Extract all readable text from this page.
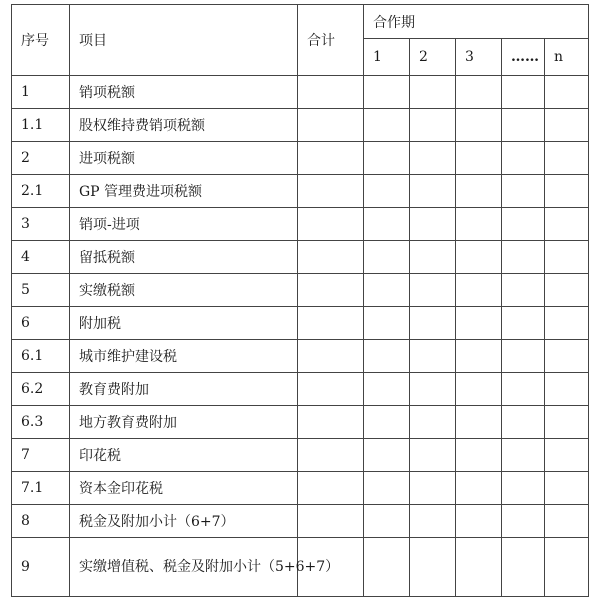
序号	项目	合计	合作期				
			1	2	3	……	n
1	销项税额						
1.1	股权维持费销项税额						
2	进项税额						
2.1	GP 管理费进项税额						
3	销项-进项						
4	留抵税额						
5	实缴税额						
6	附加税						
6.1	城市维护建设税						
6.2	教育费附加						
6.3	地方教育费附加						
7	印花税						
7.1	资本金印花税						
8	税金及附加小计（6+7）						
9	实缴增值税、税金及附加小计（5+6+7）						
